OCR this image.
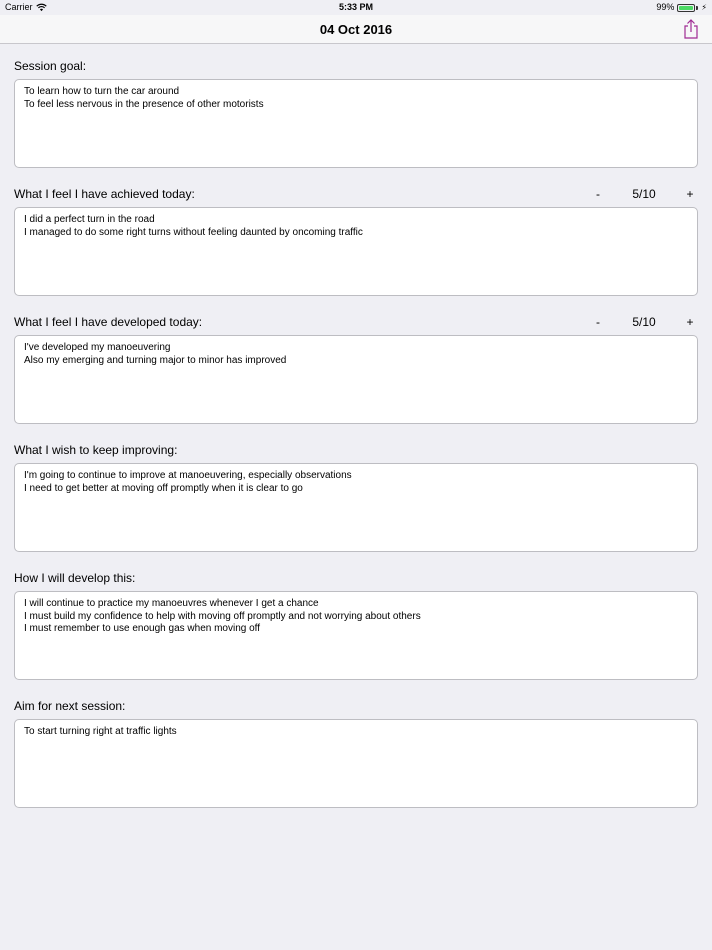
Carrier	5:33 PM	99%	⚡
04 Oct 2016
Session goal:
To learn how to turn the car around
To feel less nervous in the presence of other motorists
What I feel I have achieved today:	-	5/10	+
I did a perfect turn in the road
I managed to do some right turns without feeling daunted by oncoming traffic
What I feel I have developed today:	-	5/10	+
I've developed my manoeuvering
Also my emerging and turning major to minor has improved
What I wish to keep improving:
I'm going to continue to improve at manoeuvering, especially observations
I need to get better at moving off promptly when it is clear to go
How I will develop this:
I will continue to practice my manoeuvres whenever I get a chance
I must build my confidence to help with moving off promptly and not worrying about others
I must remember to use enough gas when moving off
Aim for next session:
To start turning right at traffic lights
